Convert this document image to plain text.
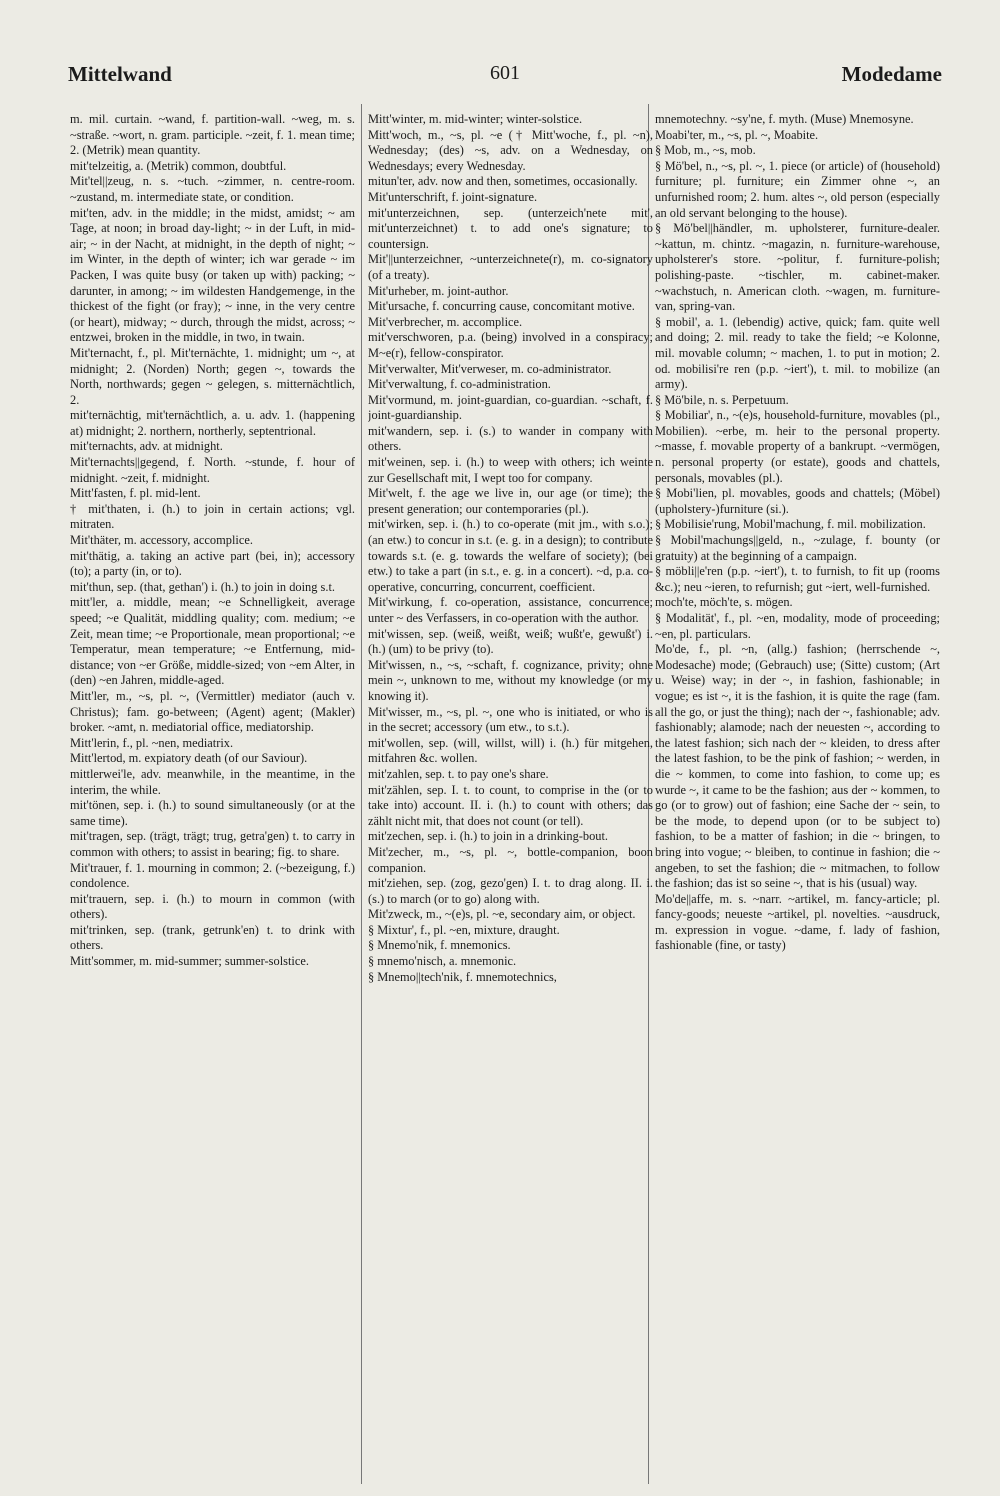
Mittelwand	601	Modedame

m. mil. curtain. ~wand, f. partition-wall. ~weg, m. s. ~straße. ~wort, n. gram. participle. ~zeit, f. 1. mean time; 2. (Metrik) mean quantity.

mit'telzeitig, a. (Metrik) common, doubtful.

Mit'tel||zeug, n. s. ~tuch. ~zimmer, n. centre-room. ~zustand, m. intermediate state, or condition.

mit'ten, adv. in the middle; in the midst, amidst; ~ am Tage, at noon; in broad day-light; ~ in der Luft, in mid-air; ~ in der Nacht, at midnight, in the depth of night; ~ im Winter, in the depth of winter; ich war gerade ~ im Packen, I was quite busy (or taken up with) packing; ~ darunter, in among; ~ im wildesten Handgemenge, in the thickest of the fight (or fray); ~ inne, in the very centre (or heart), midway; ~ durch, through the midst, across; ~ entzwei, broken in the middle, in two, in twain.

Mit'ternacht, f., pl. Mit'ternächte, 1. midnight; um ~, at midnight; 2. (Norden) North; gegen ~, towards the North, northwards; gegen ~ gelegen, s. mitternächtlich, 2.

mit'ternächtig, mit'ternächtlich, a. u. adv. 1. (happening at) midnight; 2. northern, northerly, septentrional.

mit'ternachts, adv. at midnight.

Mit'ternachts||gegend, f. North. ~stunde, f. hour of midnight. ~zeit, f. midnight.

Mitt'fasten, f. pl. mid-lent.

† mit'thaten, i. (h.) to join in certain actions; vgl. mitraten.

Mit'thäter, m. accessory, accomplice.

mit'thätig, a. taking an active part (bei, in); accessory (to); a party (in, or to).

mit'thun, sep. (that, gethan') i. (h.) to join in doing s.t.

mitt'ler, a. middle, mean; ~e Schnelligkeit, average speed; ~e Qualität, middling quality; com. medium; ~e Zeit, mean time; ~e Proportionale, mean proportional; ~e Temperatur, mean temperature; ~e Entfernung, mid-distance; von ~er Größe, middle-sized; von ~em Alter, in (den) ~en Jahren, middle-aged.

Mitt'ler, m., ~s, pl. ~, (Vermittler) mediator (auch v. Christus); fam. go-between; (Agent) agent; (Makler) broker. ~amt, n. mediatorial office, mediatorship.

Mitt'lerin, f., pl. ~nen, mediatrix.

Mitt'lertod, m. expiatory death (of our Saviour).

mittlerwei'le, adv. meanwhile, in the meantime, in the interim, the while.

mit'tönen, sep. i. (h.) to sound simultaneously (or at the same time).

mit'tragen, sep. (trägt, trägt; trug, getra'gen) t. to carry in common with others; to assist in bearing; fig. to share.

Mit'trauer, f. 1. mourning in common; 2. (~bezeigung, f.) condolence.

mit'trauern, sep. i. (h.) to mourn in common (with others).

mit'trinken, sep. (trank, getrunk'en) t. to drink with others.

Mitt'sommer, m. mid-summer; summer-solstice.

Mitt'winter, m. mid-winter; winter-solstice.

Mitt'woch, m., ~s, pl. ~e († Mitt'woche, f., pl. ~n), Wednesday; (des) ~s, adv. on a Wednesday, on Wednesdays; every Wednesday.

mitun'ter, adv. now and then, sometimes, occasionally.

Mit'unterschrift, f. joint-signature.

mit'unterzeichnen, sep. (unterzeich'nete mit', mit'unterzeichnet) t. to add one's signature; to countersign.

Mit'||unterzeichner, ~unterzeichnete(r), m. co-signatory (of a treaty).

Mit'urheber, m. joint-author.

Mit'ursache, f. concurring cause, concomitant motive.

Mit'verbrecher, m. accomplice.

mit'verschworen, p.a. (being) involved in a conspiracy; M~e(r), fellow-conspirator.

Mit'verwalter, Mit'verweser, m. co-administrator.

Mit'verwaltung, f. co-administration.

Mit'vormund, m. joint-guardian, co-guardian. ~schaft, f. joint-guardianship.

mit'wandern, sep. i. (s.) to wander in company with others.

mit'weinen, sep. i. (h.) to weep with others; ich weinte zur Gesellschaft mit, I wept too for company.

Mit'welt, f. the age we live in, our age (or time); the present generation; our contemporaries (pl.).

mit'wirken, sep. i. (h.) to co-operate (mit jm., with s.o.); (an etw.) to concur in s.t. (e. g. in a design); to contribute towards s.t. (e. g. towards the welfare of society); (bei etw.) to take a part (in s.t., e. g. in a concert). ~d, p.a. co-operative, concurring, concurrent, coefficient.

Mit'wirkung, f. co-operation, assistance, concurrence; unter ~ des Verfassers, in co-operation with the author.

mit'wissen, sep. (weiß, weißt, weiß; wußt'e, gewußt') i. (h.) (um) to be privy (to).

Mit'wissen, n., ~s, ~schaft, f. cognizance, privity; ohne mein ~, unknown to me, without my knowledge (or my knowing it).

Mit'wisser, m., ~s, pl. ~, one who is initiated, or who is in the secret; accessory (um etw., to s.t.).

mit'wollen, sep. (will, willst, will) i. (h.) für mitgehen, mitfahren &c. wollen.

mit'zahlen, sep. t. to pay one's share.

mit'zählen, sep. I. t. to count, to comprise in the (or to take into) account. II. i. (h.) to count with others; das zählt nicht mit, that does not count (or tell).

mit'zechen, sep. i. (h.) to join in a drinking-bout.

Mit'zecher, m., ~s, pl. ~, bottle-companion, boon companion.

mit'ziehen, sep. (zog, gezo'gen) I. t. to drag along. II. i. (s.) to march (or to go) along with.

Mit'zweck, m., ~(e)s, pl. ~e, secondary aim, or object.

§ Mixtur', f., pl. ~en, mixture, draught.

§ Mnemo'nik, f. mnemonics.

§ mnemo'nisch, a. mnemonic.

§ Mnemo||tech'nik, f. mnemotechnics,

mnemotechny. ~sy'ne, f. myth. (Muse) Mnemosyne.

Moabi'ter, m., ~s, pl. ~, Moabite.

§ Mob, m., ~s, mob.

§ Mö'bel, n., ~s, pl. ~, 1. piece (or article) of (household) furniture; pl. furniture; ein Zimmer ohne ~, an unfurnished room; 2. hum. altes ~, old person (especially an old servant belonging to the house).

§ Mö'bel||händler, m. upholsterer, furniture-dealer. ~kattun, m. chintz. ~magazin, n. furniture-warehouse, upholsterer's store. ~politur, f. furniture-polish; polishing-paste. ~tischler, m. cabinet-maker. ~wachstuch, n. American cloth. ~wagen, m. furniture-van, spring-van.

§ mobil', a. 1. (lebendig) active, quick; fam. quite well and doing; 2. mil. ready to take the field; ~e Kolonne, mil. movable column; ~ machen, 1. to put in motion; 2. od. mobilisi're ren (p.p. ~iert'), t. mil. to mobilize (an army).

§ Mö'bile, n. s. Perpetuum.

§ Mobiliar', n., ~(e)s, household-furniture, movables (pl., Mobilien). ~erbe, m. heir to the personal property. ~masse, f. movable property of a bankrupt. ~vermögen, n. personal property (or estate), goods and chattels, personals, movables (pl.).

§ Mobi'lien, pl. movables, goods and chattels; (Möbel) (upholstery-)furniture (si.).

§ Mobilisie'rung, Mobil'machung, f. mil. mobilization.

§ Mobil'machungs||geld, n., ~zulage, f. bounty (or gratuity) at the beginning of a campaign.

§ möbli||e'ren (p.p. ~iert'), t. to furnish, to fit up (rooms &c.); neu ~ieren, to refurnish; gut ~iert, well-furnished.

moch'te, möch'te, s. mögen.

§ Modalität', f., pl. ~en, modality, mode of proceeding; ~en, pl. particulars.

Mo'de, f., pl. ~n, (allg.) fashion; (herrschende ~, Modesache) mode; (Gebrauch) use; (Sitte) custom; (Art u. Weise) way; in der ~, in fashion, fashionable; in vogue; es ist ~, it is the fashion, it is quite the rage (fam. all the go, or just the thing); nach der ~, fashionable; adv. fashionably; alamode; nach der neuesten ~, according to the latest fashion; sich nach der ~ kleiden, to dress after the latest fashion, to be the pink of fashion; ~ werden, in die ~ kommen, to come into fashion, to come up; es wurde ~, it came to be the fashion; aus der ~ kommen, to go (or to grow) out of fashion; eine Sache der ~ sein, to be the mode, to depend upon (or to be subject to) fashion, to be a matter of fashion; in die ~ bringen, to bring into vogue; ~ bleiben, to continue in fashion; die ~ angeben, to set the fashion; die ~ mitmachen, to follow the fashion; das ist so seine ~, that is his (usual) way.

Mo'de||affe, m. s. ~narr. ~artikel, m. fancy-article; pl. fancy-goods; neueste ~artikel, pl. novelties. ~ausdruck, m. expression in vogue. ~dame, f. lady of fashion, fashionable (fine, or tasty)
